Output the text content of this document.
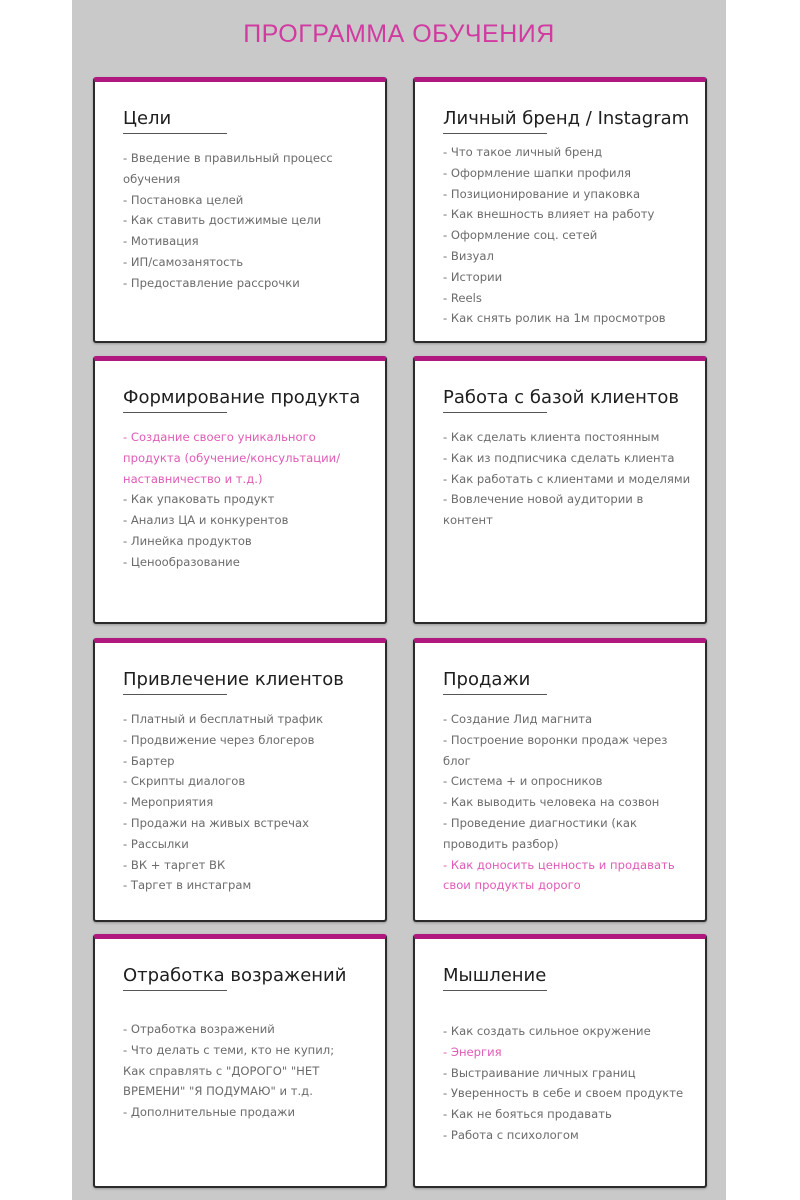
ПРОГРАММА ОБУЧЕНИЯ
Цели
- Введение в правильный процесс обучения
- Постановка целей
- Как ставить достижимые цели
- Мотивация
- ИП/самозанятость
- Предоставление рассрочки
Личный бренд / Instagram
- Что такое личный бренд
- Оформление шапки профиля
- Позиционирование и упаковка
- Как внешность влияет на работу
- Оформление соц. сетей
- Визуал
- Истории
- Reels
- Как снять ролик на 1м просмотров
Формирование продукта
- Создание своего уникального продукта (обучение/консультации/наставничество и т.д.)
- Как упаковать продукт
- Анализ ЦА и конкурентов
- Линейка продуктов
- Ценообразование
Работа с базой клиентов
- Как сделать клиента постоянным
- Как из подписчика сделать клиента
- Как работать с клиентами и моделями
- Вовлечение новой аудитории в контент
Привлечение клиентов
- Платный и бесплатный трафик
- Продвижение через блогеров
- Бартер
- Скрипты диалогов
- Мероприятия
- Продажи на живых встречах
- Рассылки
- ВК + таргет ВК
- Таргет в инстаграм
Продажи
- Создание Лид магнита
- Построение воронки продаж через блог
- Система + и опросников
- Как выводить человека на созвон
- Проведение диагностики (как проводить разбор)
- Как доносить ценность и продавать свои продукты дорого
Отработка возражений
- Отработка возражений
- Что делать с теми, кто не купил;
Как справлять с "ДОРОГО" "НЕТ ВРЕМЕНИ" "Я ПОДУМАЮ" и т.д.
- Дополнительные продажи
Мышление
- Как создать сильное окружение
- Энергия
- Выстраивание личных границ
- Уверенность в себе и своем продукте
- Как не бояться продавать
- Работа с психологом
